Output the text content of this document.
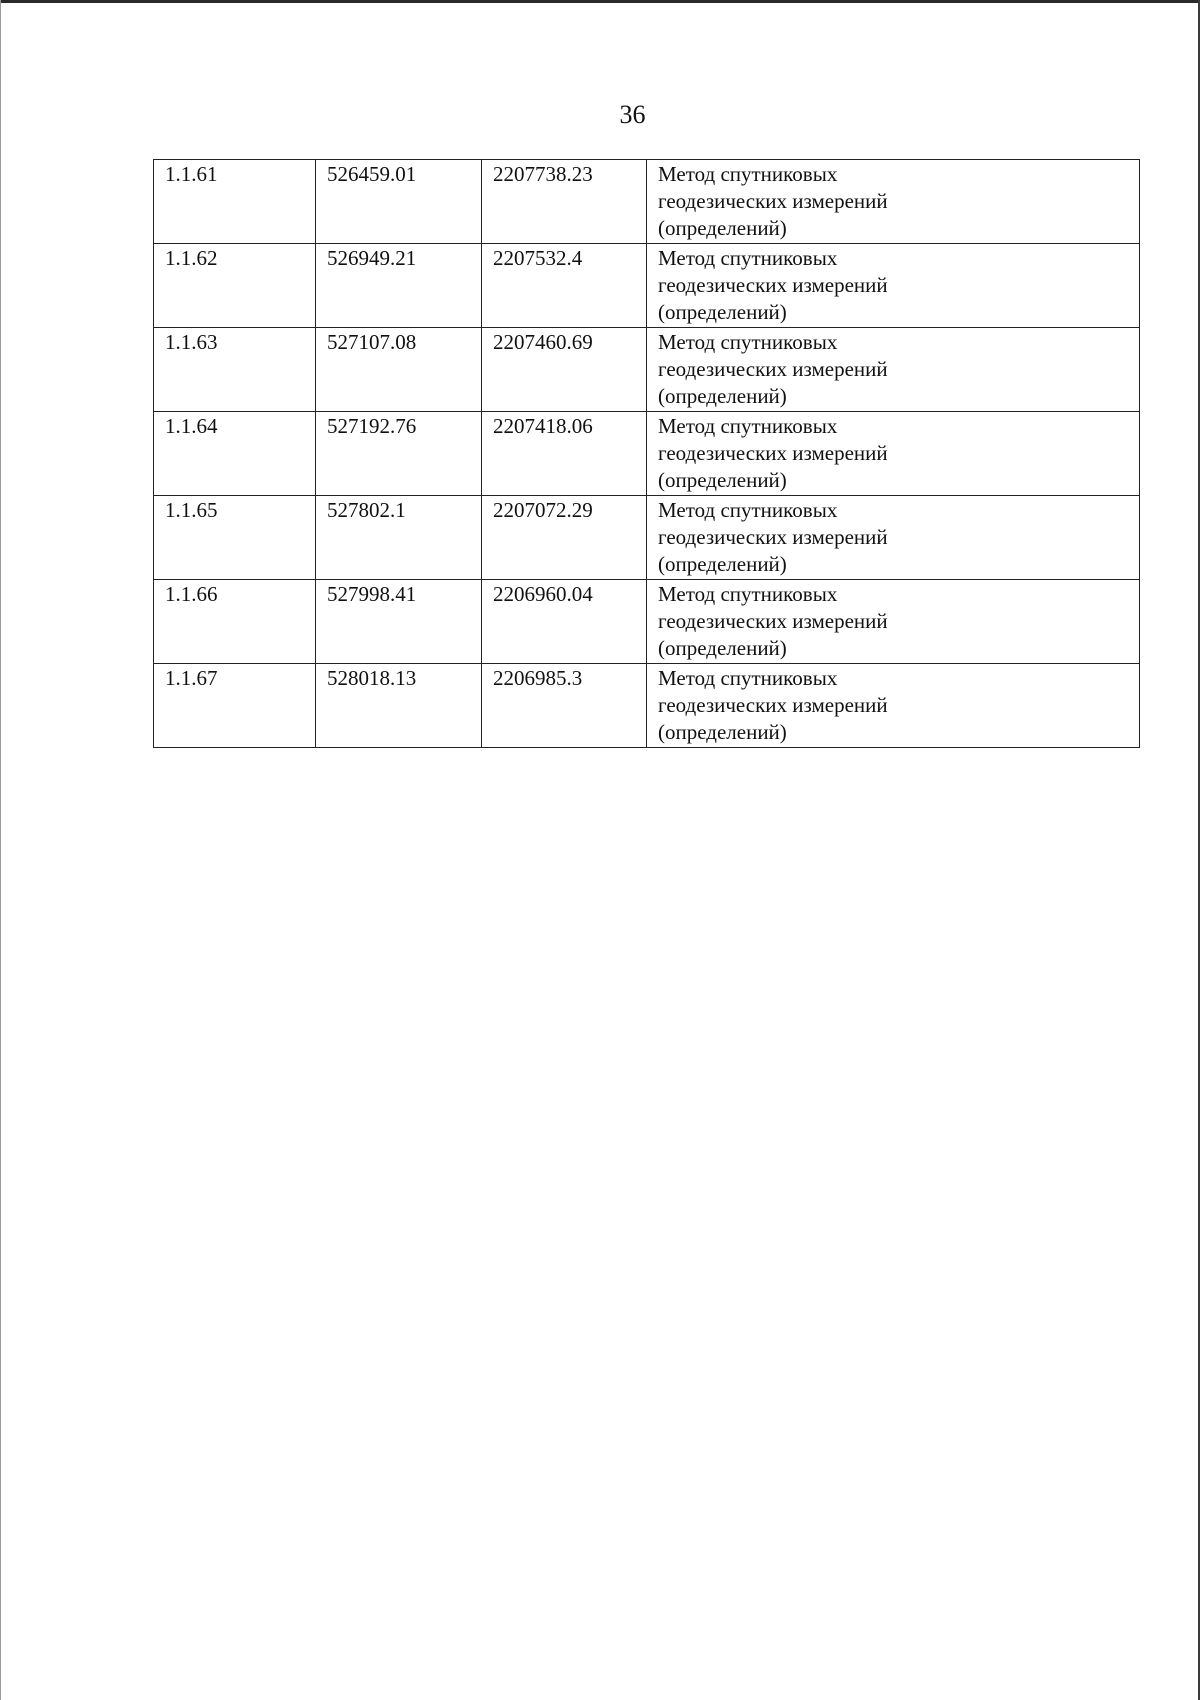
36
1.1.61	526459.01	2207738.23	Метод спутниковых
геодезических измерений
(определений)

1.1.62	526949.21	2207532.4	Метод спутниковых
геодезических измерений
(определений)

1.1.63	527107.08	2207460.69	Метод спутниковых
геодезических измерений
(определений)

1.1.64	527192.76	2207418.06	Метод спутниковых
геодезических измерений
(определений)

1.1.65	527802.1	2207072.29	Метод спутниковых
геодезических измерений
(определений)

1.1.66	527998.41	2206960.04	Метод спутниковых
геодезических измерений
(определений)

1.1.67	528018.13	2206985.3	Метод спутниковых
геодезических измерений
(определений)
